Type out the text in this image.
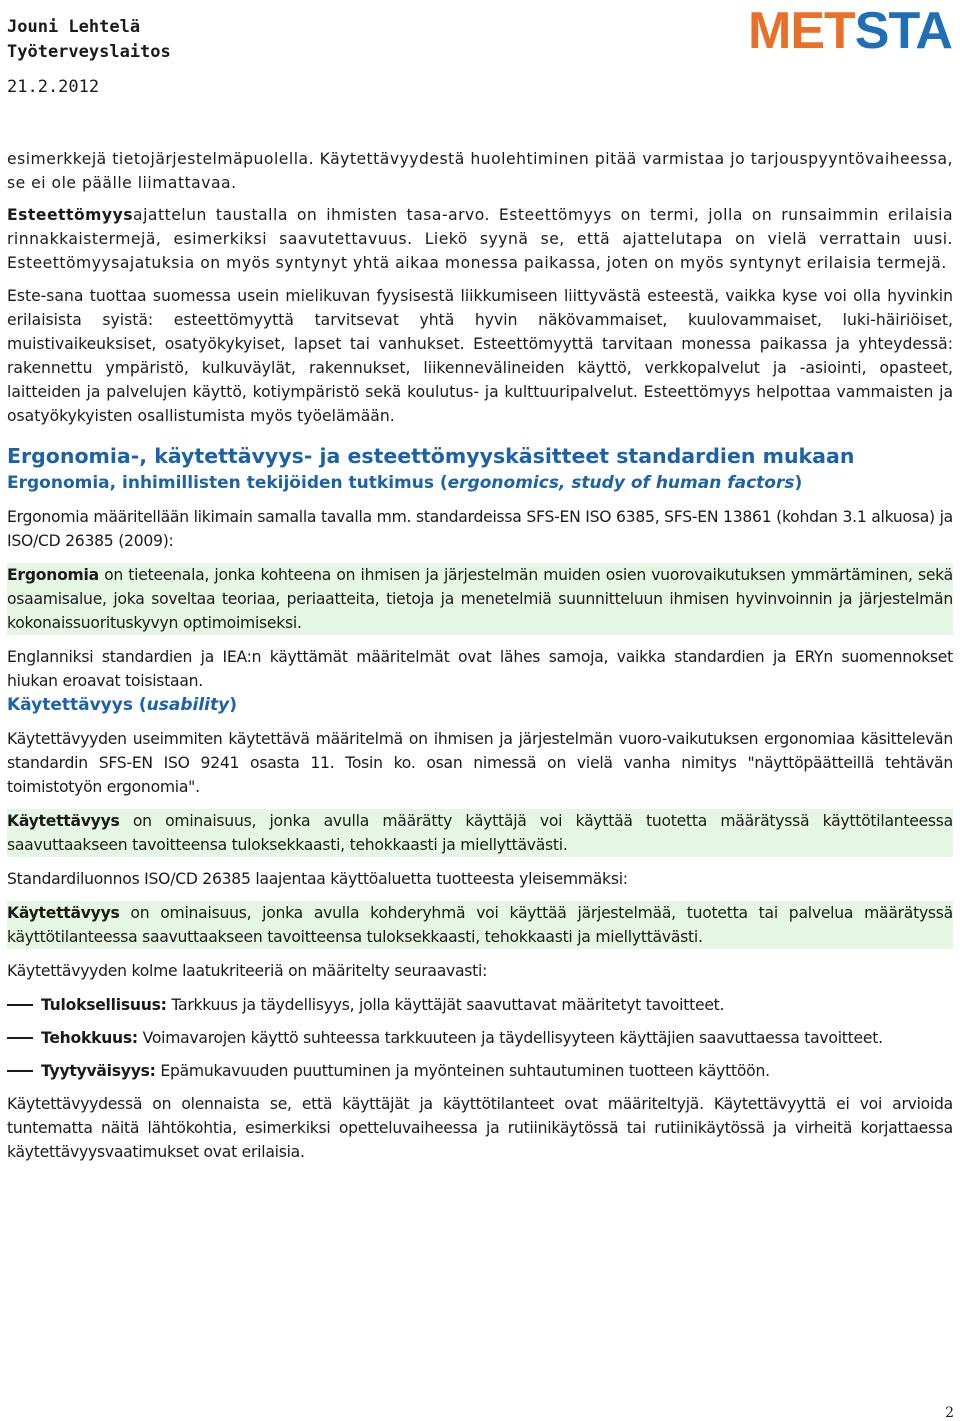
Jouni Lehtelä
Työterveyslaitos
21.2.2012
METSTA

esimerkkejä tietojärjestelmäpuolella. Käytettävyydestä huolehtiminen pitää varmistaa jo tarjouspyyntövaiheessa, se ei ole päälle liimattavaa.

Esteettömyysajattelun taustalla on ihmisten tasa-arvo. Esteettömyys on termi, jolla on runsaimmin erilaisia rinnakkaistermejä, esimerkiksi saavutettavuus. Liekö syynä se, että ajattelutapa on vielä verrattain uusi. Esteettömyysajatuksia on myös syntynyt yhtä aikaa monessa paikassa, joten on myös syntynyt erilaisia termejä.

Este-sana tuottaa suomessa usein mielikuvan fyysisestä liikkumiseen liittyvästä esteestä, vaikka kyse voi olla hyvinkin erilaisista syistä: esteettömyyttä tarvitsevat yhtä hyvin näkövammaiset, kuulovammaiset, luki-häiriöiset, muistivaikeuksiset, osatyökykyiset, lapset tai vanhukset. Esteettömyyttä tarvitaan monessa paikassa ja yhteydessä: rakennettu ympäristö, kulkuväylät, rakennukset, liikennevälineiden käyttö, verkkopalvelut ja -asiointi, opasteet, laitteiden ja palvelujen käyttö, kotiympäristö sekä koulutus- ja kulttuuripalvelut. Esteettömyys helpottaa vammaisten ja osatyökykyisten osallistumista myös työelämään.

Ergonomia-, käytettävyys- ja esteettömyyskäsitteet standardien mukaan
Ergonomia, inhimillisten tekijöiden tutkimus (ergonomics, study of human factors)

Ergonomia määritellään likimain samalla tavalla mm. standardeissa SFS-EN ISO 6385, SFS-EN 13861 (kohdan 3.1 alkuosa) ja ISO/CD 26385 (2009):

Ergonomia on tieteenala, jonka kohteena on ihmisen ja järjestelmän muiden osien vuorovaikutuksen ymmärtäminen, sekä osaamisalue, joka soveltaa teoriaa, periaatteita, tietoja ja menetelmiä suunnitteluun ihmisen hyvinvoinnin ja järjestelmän kokonaissuorituskyvyn optimoimiseksi.

Englanniksi standardien ja IEA:n käyttämät määritelmät ovat lähes samoja, vaikka standardien ja ERYn suomennokset hiukan eroavat toisistaan.

Käytettävyys (usability)

Käytettävyyden useimmiten käytettävä määritelmä on ihmisen ja järjestelmän vuoro-vaikutuksen ergonomiaa käsittelevän standardin SFS-EN ISO 9241 osasta 11. Tosin ko. osan nimessä on vielä vanha nimitys "näyttöpäätteillä tehtävän toimistotyön ergonomia".

Käytettävyys on ominaisuus, jonka avulla määrätty käyttäjä voi käyttää tuotetta määrätyssä käyttötilanteessa saavuttaakseen tavoitteensa tuloksekkaasti, tehokkaasti ja miellyttävästi.

Standardiluonnos ISO/CD 26385 laajentaa käyttöaluetta tuotteesta yleisemmäksi:

Käytettävyys on ominaisuus, jonka avulla kohderyhmä voi käyttää järjestelmää, tuotetta tai palvelua määrätyssä käyttötilanteessa saavuttaakseen tavoitteensa tuloksekkaasti, tehokkaasti ja miellyttävästi.

Käytettävyyden kolme laatukriteeriä on määritelty seuraavasti:

Tuloksellisuus: Tarkkuus ja täydellisyys, jolla käyttäjät saavuttavat määritetyt tavoitteet.
Tehokkuus: Voimavarojen käyttö suhteessa tarkkuuteen ja täydellisyyteen käyttäjien saavuttaessa tavoitteet.
Tyytyväisyys: Epämukavuuden puuttuminen ja myönteinen suhtautuminen tuotteen käyttöön.

Käytettävyydessä on olennaista se, että käyttäjät ja käyttötilanteet ovat määriteltyjä. Käytettävyyttä ei voi arvioida tuntematta näitä lähtökohtia, esimerkiksi opetteluvaiheessa ja rutiinikäytössä tai rutiinikäytössä ja virheitä korjattaessa käytettävyysvaatimukset ovat erilaisia.

2
